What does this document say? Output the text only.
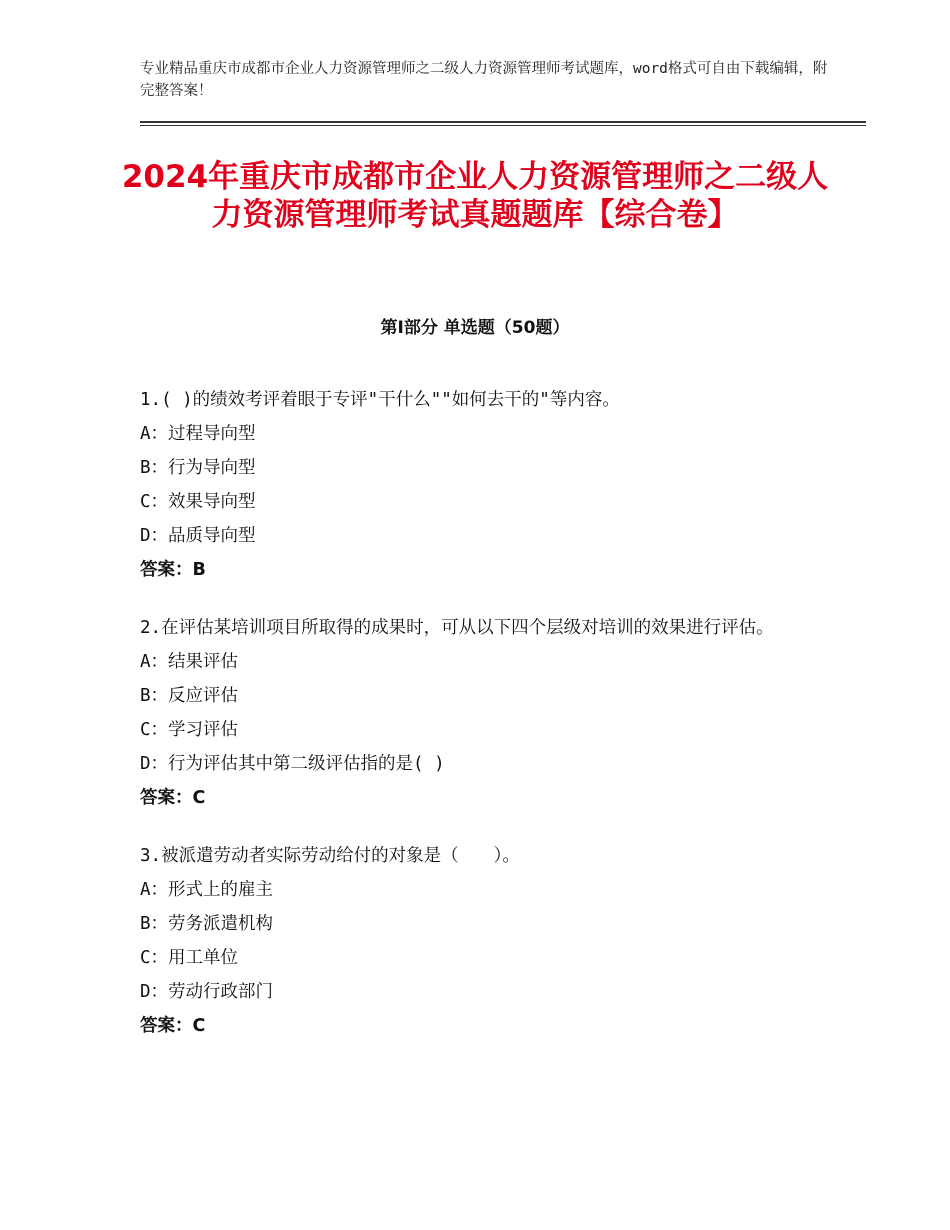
专业精品重庆市成都市企业人力资源管理师之二级人力资源管理师考试题库，word格式可自由下载编辑，附完整答案！
2024年重庆市成都市企业人力资源管理师之二级人力资源管理师考试真题题库【综合卷】
第Ⅰ部分 单选题（50题）
1.( )的绩效考评着眼于专评"干什么""如何去干的"等内容。
A：过程导向型
B：行为导向型
C：效果导向型
D：品质导向型
答案：B
2.在评估某培训项目所取得的成果时，可从以下四个层级对培训的效果进行评估。
A：结果评估
B：反应评估
C：学习评估
D：行为评估其中第二级评估指的是( )
答案：C
3.被派遣劳动者实际劳动给付的对象是（　　）。
A：形式上的雇主
B：劳务派遣机构
C：用工单位
D：劳动行政部门
答案：C
